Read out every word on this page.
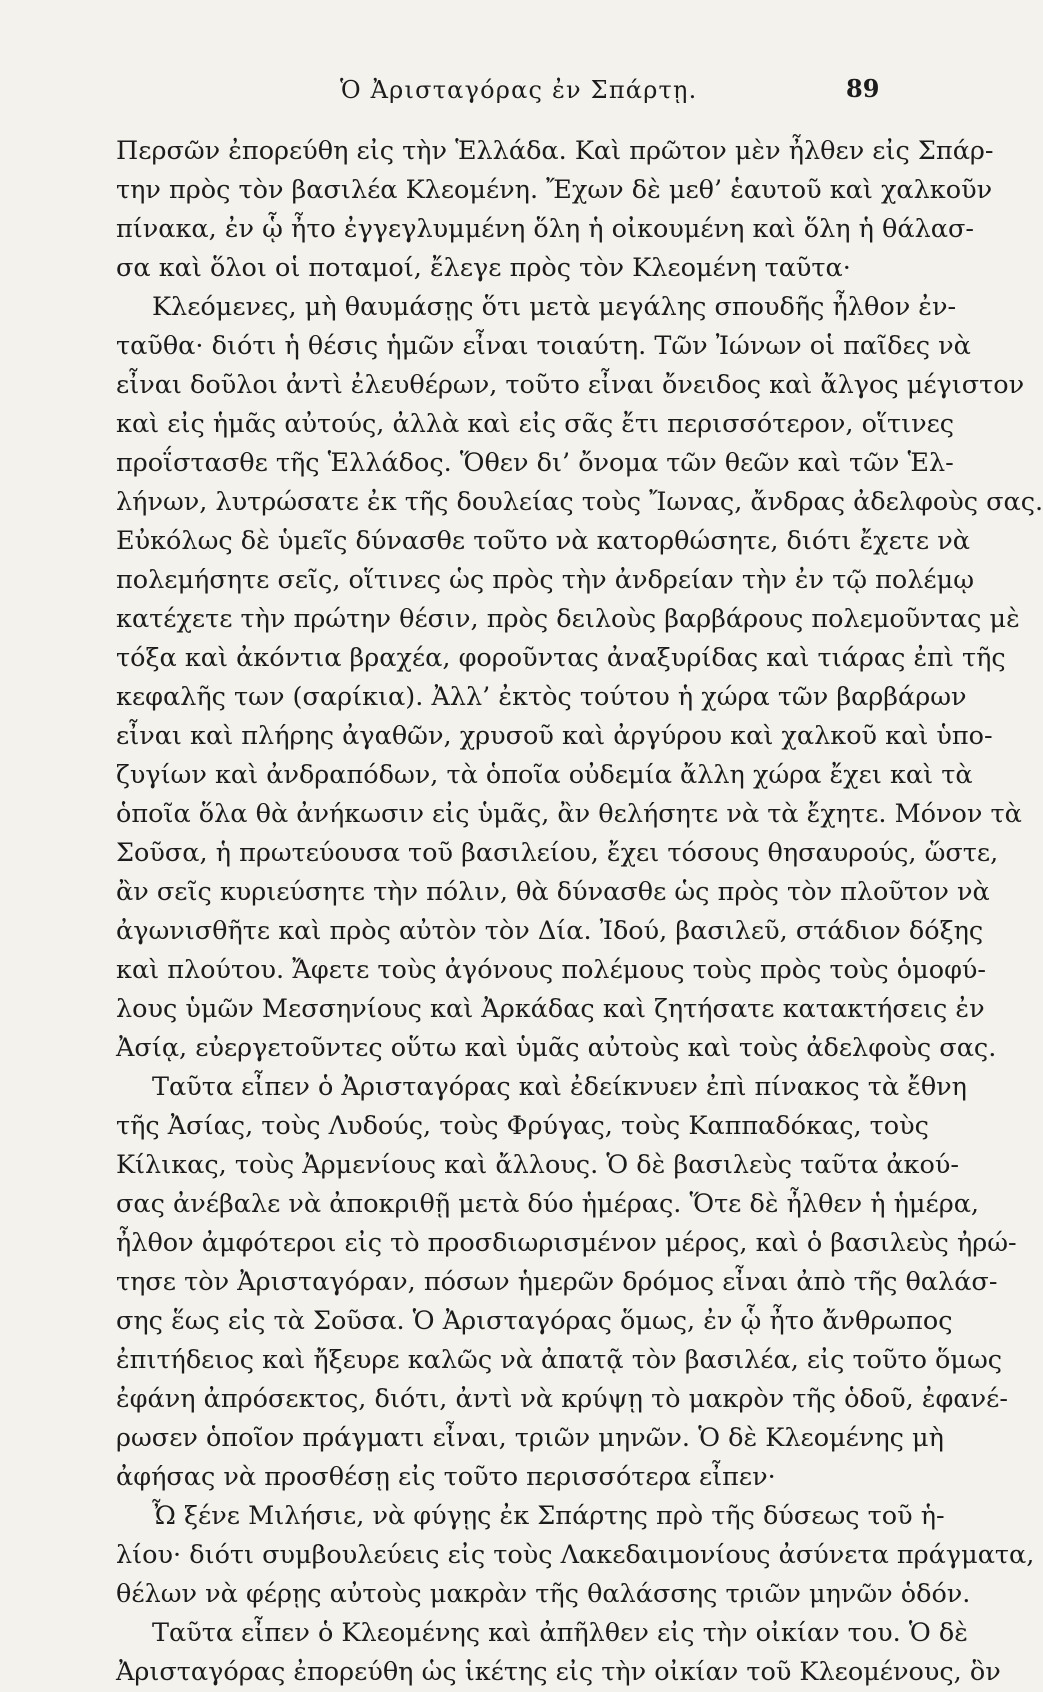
Ὁ Ἀρισταγόρας ἐν Σπάρτῃ.	89
Περσῶν ἐπορεύθη εἰς τὴν Ἑλλάδα. Καὶ πρῶτον μὲν ἦλθεν εἰς Σπάρ-
την πρὸς τὸν βασιλέα Κλεομένη. Ἔχων δὲ μεθ’ ἑαυτοῦ καὶ χαλκοῦν
πίνακα, ἐν ᾧ ἦτο ἐγγεγλυμμένη ὅλη ἡ οἰκουμένη καὶ ὅλη ἡ θάλασ-
σα καὶ ὅλοι οἱ ποταμοί, ἔλεγε πρὸς τὸν Κλεομένη ταῦτα·
Κλεόμενες, μὴ θαυμάσῃς ὅτι μετὰ μεγάλης σπουδῆς ἦλθον ἐν-
ταῦθα· διότι ἡ θέσις ἡμῶν εἶναι τοιαύτη. Τῶν Ἰώνων οἱ παῖδες νὰ
εἶναι δοῦλοι ἀντὶ ἐλευθέρων, τοῦτο εἶναι ὄνειδος καὶ ἄλγος μέγιστον
καὶ εἰς ἡμᾶς αὐτούς, ἀλλὰ καὶ εἰς σᾶς ἔτι περισσότερον, οἵτινες
προΐστασθε τῆς Ἑλλάδος. Ὅθεν δι’ ὄνομα τῶν θεῶν καὶ τῶν Ἑλ-
λήνων, λυτρώσατε ἐκ τῆς δουλείας τοὺς Ἴωνας, ἄνδρας ἀδελφοὺς σας.
Εὐκόλως δὲ ὑμεῖς δύνασθε τοῦτο νὰ κατορθώσητε, διότι ἔχετε νὰ
πολεμήσητε σεῖς, οἵτινες ὡς πρὸς τὴν ἀνδρείαν τὴν ἐν τῷ πολέμῳ
κατέχετε τὴν πρώτην θέσιν, πρὸς δειλοὺς βαρβάρους πολεμοῦντας μὲ
τόξα καὶ ἀκόντια βραχέα, φοροῦντας ἀναξυρίδας καὶ τιάρας ἐπὶ τῆς
κεφαλῆς των (σαρίκια). Ἀλλ’ ἐκτὸς τούτου ἡ χώρα τῶν βαρβάρων
εἶναι καὶ πλήρης ἀγαθῶν, χρυσοῦ καὶ ἀργύρου καὶ χαλκοῦ καὶ ὑπο-
ζυγίων καὶ ἀνδραπόδων, τὰ ὁποῖα οὐδεμία ἄλλη χώρα ἔχει καὶ τὰ
ὁποῖα ὅλα θὰ ἀνήκωσιν εἰς ὑμᾶς, ἂν θελήσητε νὰ τὰ ἔχητε. Μόνον τὰ
Σοῦσα, ἡ πρωτεύουσα τοῦ βασιλείου, ἔχει τόσους θησαυρούς, ὥστε,
ἂν σεῖς κυριεύσητε τὴν πόλιν, θὰ δύνασθε ὡς πρὸς τὸν πλοῦτον νὰ
ἀγωνισθῆτε καὶ πρὸς αὐτὸν τὸν Δία. Ἰδού, βασιλεῦ, στάδιον δόξης
καὶ πλούτου. Ἄφετε τοὺς ἀγόνους πολέμους τοὺς πρὸς τοὺς ὁμοφύ-
λους ὑμῶν Μεσσηνίους καὶ Ἀρκάδας καὶ ζητήσατε κατακτήσεις ἐν
Ἀσίᾳ, εὐεργετοῦντες οὕτω καὶ ὑμᾶς αὐτοὺς καὶ τοὺς ἀδελφοὺς σας.
Ταῦτα εἶπεν ὁ Ἀρισταγόρας καὶ ἐδείκνυεν ἐπὶ πίνακος τὰ ἔθνη
τῆς Ἀσίας, τοὺς Λυδούς, τοὺς Φρύγας, τοὺς Καππαδόκας, τοὺς
Κίλικας, τοὺς Ἀρμενίους καὶ ἄλλους. Ὁ δὲ βασιλεὺς ταῦτα ἀκού-
σας ἀνέβαλε νὰ ἀποκριθῇ μετὰ δύο ἡμέρας. Ὅτε δὲ ἦλθεν ἡ ἡμέρα,
ἦλθον ἀμφότεροι εἰς τὸ προσδιωρισμένον μέρος, καὶ ὁ βασιλεὺς ἠρώ-
τησε τὸν Ἀρισταγόραν, πόσων ἡμερῶν δρόμος εἶναι ἀπὸ τῆς θαλάσ-
σης ἕως εἰς τὰ Σοῦσα. Ὁ Ἀρισταγόρας ὅμως, ἐν ᾧ ἦτο ἄνθρωπος
ἐπιτήδειος καὶ ἤξευρε καλῶς νὰ ἀπατᾷ τὸν βασιλέα, εἰς τοῦτο ὅμως
ἐφάνη ἀπρόσεκτος, διότι, ἀντὶ νὰ κρύψῃ τὸ μακρὸν τῆς ὁδοῦ, ἐφανέ-
ρωσεν ὁποῖον πράγματι εἶναι, τριῶν μηνῶν. Ὁ δὲ Κλεομένης μὴ
ἀφήσας νὰ προσθέσῃ εἰς τοῦτο περισσότερα εἶπεν·
Ὦ ξένε Μιλήσιε, νὰ φύγῃς ἐκ Σπάρτης πρὸ τῆς δύσεως τοῦ ἡ-
λίου· διότι συμβουλεύεις εἰς τοὺς Λακεδαιμονίους ἀσύνετα πράγματα,
θέλων νὰ φέρῃς αὐτοὺς μακρὰν τῆς θαλάσσης τριῶν μηνῶν ὁδόν.
Ταῦτα εἶπεν ὁ Κλεομένης καὶ ἀπῆλθεν εἰς τὴν οἰκίαν του. Ὁ δὲ
Ἀρισταγόρας ἐπορεύθη ὡς ἱκέτης εἰς τὴν οἰκίαν τοῦ Κλεομένους, ὃν
